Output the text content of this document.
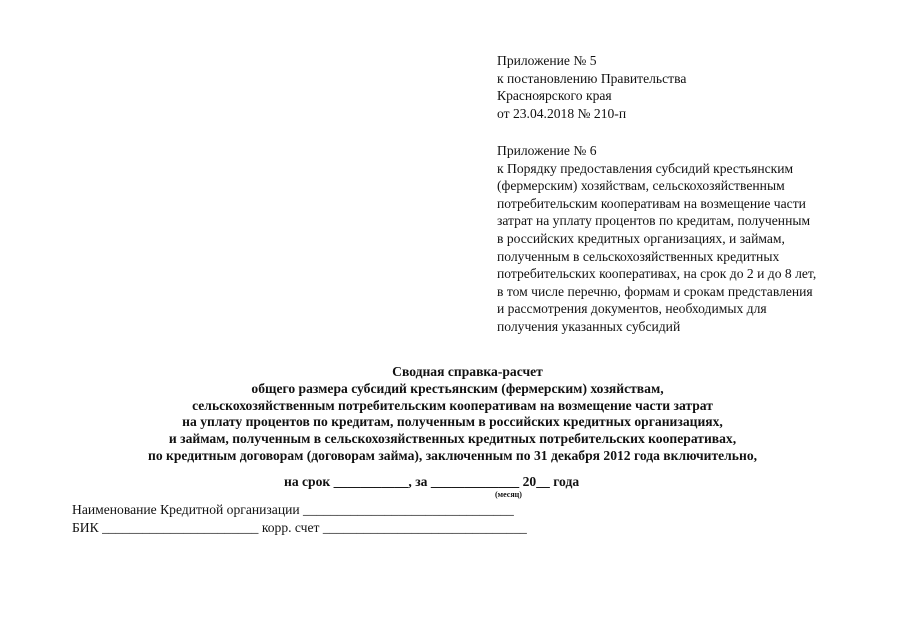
Приложение № 5
к постановлению Правительства
Красноярского края
от 23.04.2018 № 210-п
Приложение № 6
к Порядку предоставления субсидий крестьянским
(фермерским) хозяйствам, сельскохозяйственным
потребительским кооперативам на возмещение части
затрат на уплату процентов по кредитам, полученным
в российских кредитных организациях, и займам,
полученным в сельскохозяйственных кредитных
потребительских кооперативах, на срок до 2 и до 8 лет,
в том числе перечню, формам и срокам представления
и рассмотрения документов, необходимых для
получения указанных субсидий
Сводная справка-расчет
общего размера субсидий крестьянским (фермерским) хозяйствам,
сельскохозяйственным потребительским кооперативам на возмещение части затрат
на уплату процентов по кредитам, полученным в российских кредитных организациях,
и займам, полученным в сельскохозяйственных кредитных потребительских кооперативах,
по кредитным договорам (договорам займа), заключенным по 31 декабря 2012 года включительно,
на срок ___________, за _____________ 20__ года
(месяц)
Наименование Кредитной организации _______________________________
БИК _______________________ корр. счет ______________________________
